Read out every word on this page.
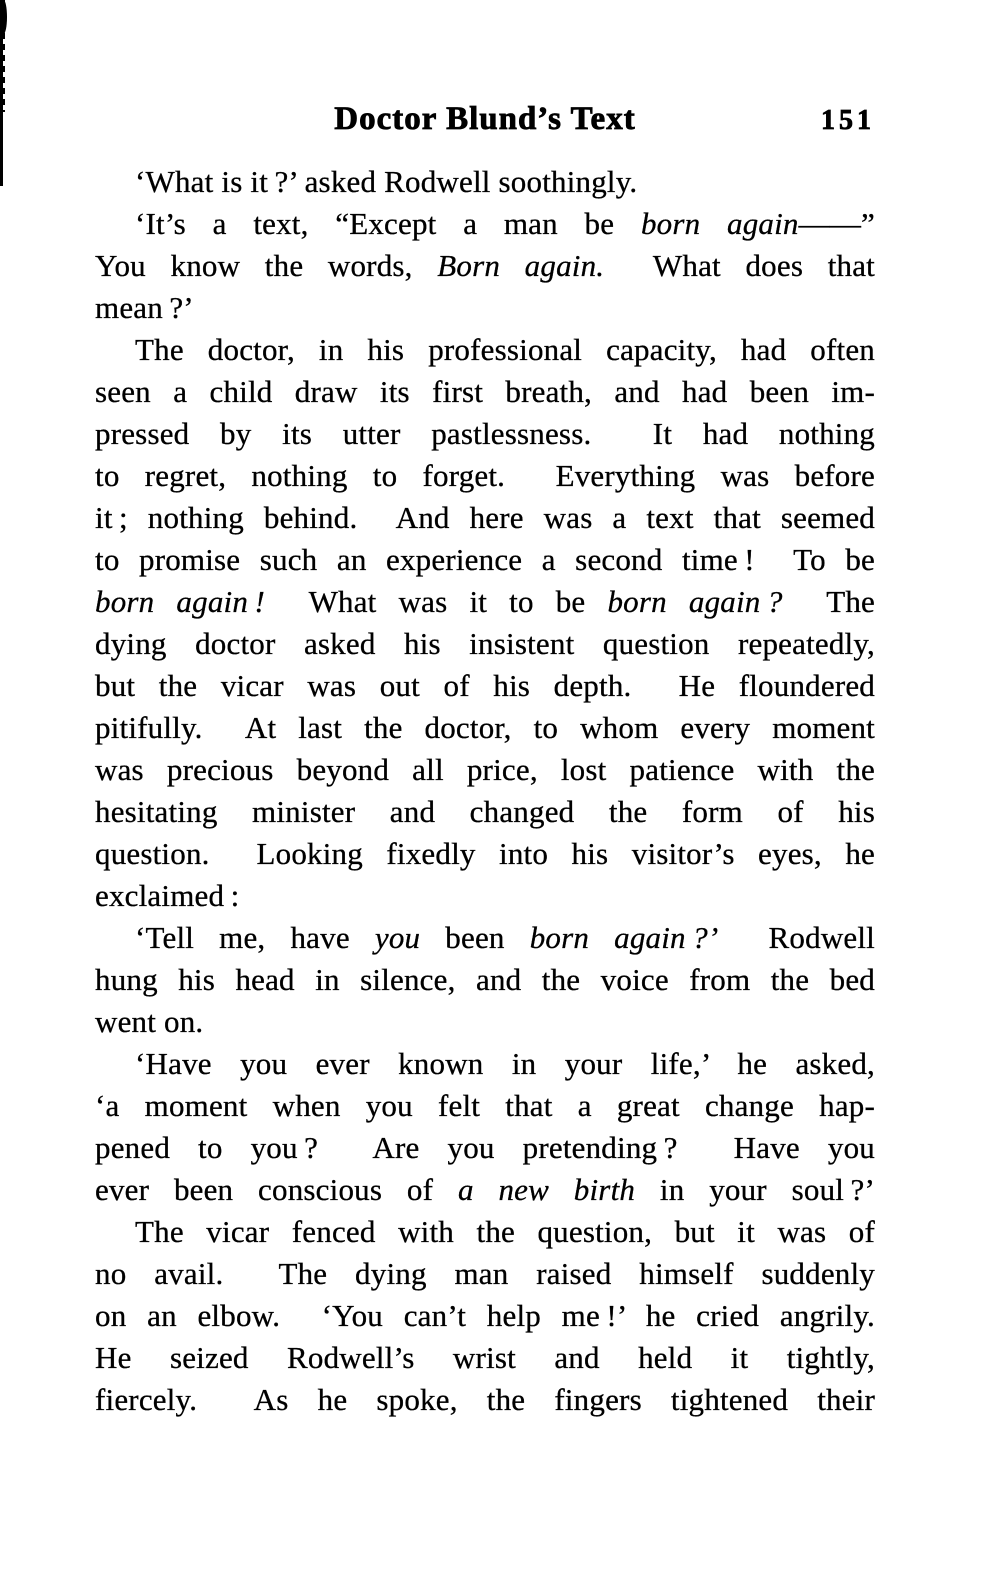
Doctor Blund’s Text	151
‘What is it ?’ asked Rodwell soothingly.
‘It’s a text, “Except a man be born again——”
You know the words, Born again.  What does that
mean ?’
The doctor, in his professional capacity, had often
seen a child draw its first breath, and had been im-
pressed by its utter pastlessness.  It had nothing
to regret, nothing to forget.  Everything was before
it ; nothing behind.  And here was a text that seemed
to promise such an experience a second time !  To be
born again !  What was it to be born again ?  The
dying doctor asked his insistent question repeatedly,
but the vicar was out of his depth.  He floundered
pitifully.  At last the doctor, to whom every moment
was precious beyond all price, lost patience with the
hesitating minister and changed the form of his
question.  Looking fixedly into his visitor’s eyes, he
exclaimed :
‘Tell me, have you been born again ?’  Rodwell
hung his head in silence, and the voice from the bed
went on.
‘Have you ever known in your life,’ he asked,
‘a moment when you felt that a great change hap-
pened to you ?  Are you pretending ?  Have you
ever been conscious of a new birth in your soul ?’
The vicar fenced with the question, but it was of
no avail.  The dying man raised himself suddenly
on an elbow.  ‘You can’t help me !’ he cried angrily.
He seized Rodwell’s wrist and held it tightly,
fiercely.  As he spoke, the fingers tightened their
